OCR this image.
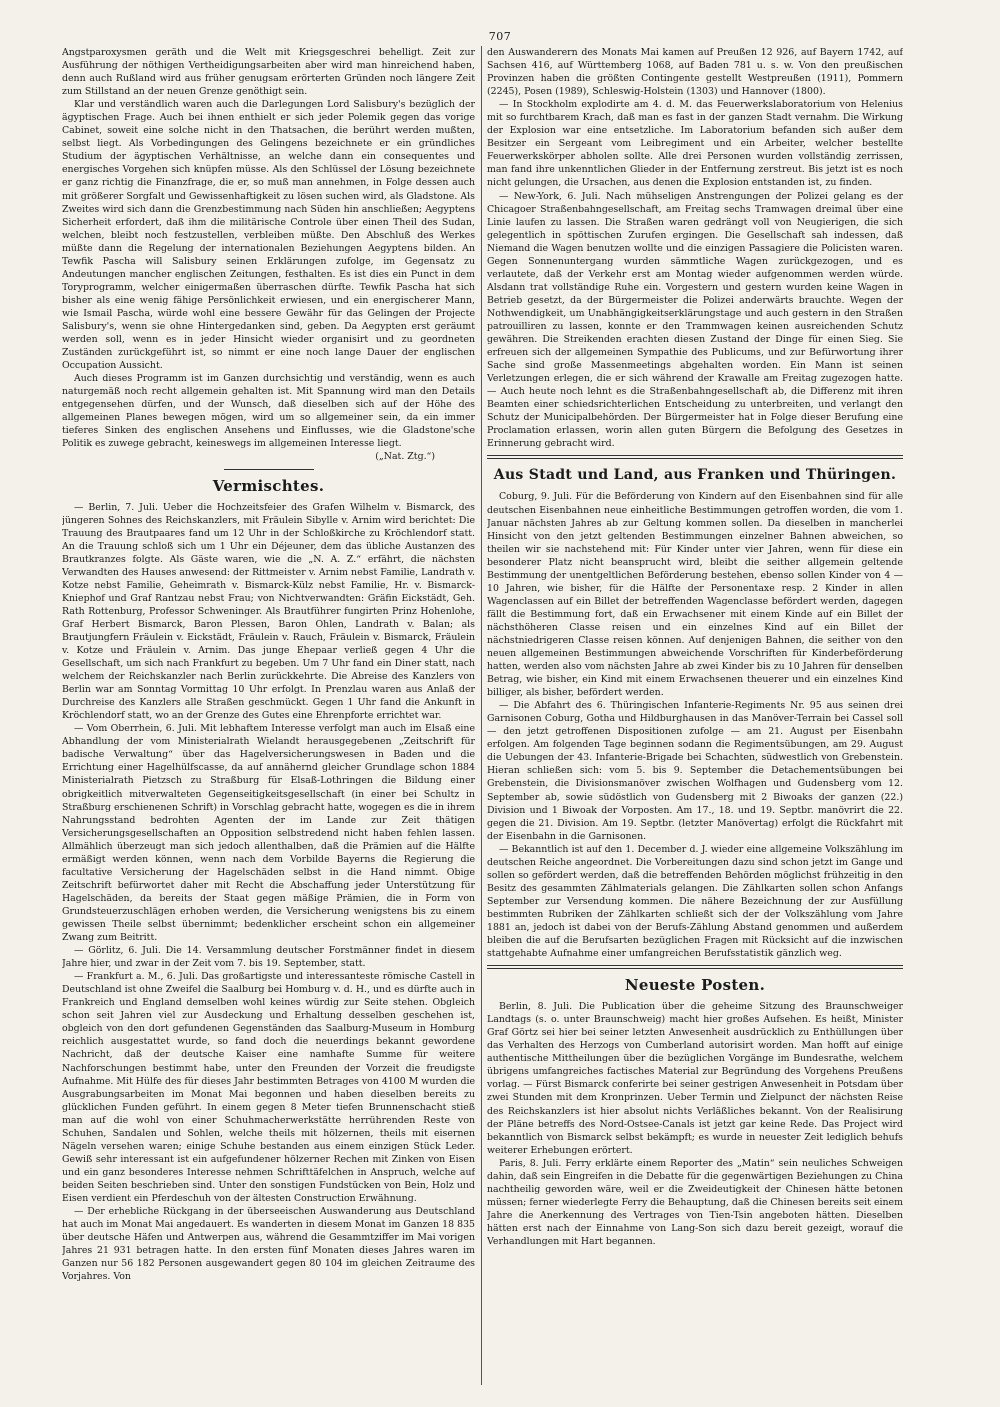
707

Angstparoxysmen geräth und die Welt mit Kriegsgeschrei behelligt. Zeit zur Ausführung der nöthigen Vertheidigungsarbeiten aber wird man hinreichend haben, denn auch Rußland wird aus früher genugsam erörterten Gründen noch längere Zeit zum Stillstand an der neuen Grenze genöthigt sein.

Klar und verständlich waren auch die Darlegungen Lord Salisbury's bezüglich der ägyptischen Frage. Auch bei ihnen enthielt er sich jeder Polemik gegen das vorige Cabinet, soweit eine solche nicht in den Thatsachen, die berührt werden mußten, selbst liegt. Als Vorbedingungen des Gelingens bezeichnete er ein gründliches Studium der ägyptischen Verhältnisse, an welche dann ein consequentes und energisches Vorgehen sich knüpfen müsse. Als den Schlüssel der Lösung bezeichnete er ganz richtig die Finanzfrage, die er, so muß man annehmen, in Folge dessen auch mit größerer Sorgfalt und Gewissenhaftigkeit zu lösen suchen wird, als Gladstone. Als Zweites wird sich dann die Grenzbestimmung nach Süden hin anschließen; Aegyptens Sicherheit erfordert, daß ihm die militärische Controle über einen Theil des Sudan, welchen, bleibt noch festzustellen, verbleiben müßte. Den Abschluß des Werkes müßte dann die Regelung der internationalen Beziehungen Aegyptens bilden. An Tewfik Pascha will Salisbury seinen Erklärungen zufolge, im Gegensatz zu Andeutungen mancher englischen Zeitungen, festhalten. Es ist dies ein Punct in dem Toryprogramm, welcher einigermaßen überraschen dürfte. Tewfik Pascha hat sich bisher als eine wenig fähige Persönlichkeit erwiesen, und ein energischerer Mann, wie Ismail Pascha, würde wohl eine bessere Gewähr für das Gelingen der Projecte Salisbury's, wenn sie ohne Hintergedanken sind, geben. Da Aegypten erst geräumt werden soll, wenn es in jeder Hinsicht wieder organisirt und zu geordneten Zuständen zurückgeführt ist, so nimmt er eine noch lange Dauer der englischen Occupation Aussicht.

Auch dieses Programm ist im Ganzen durchsichtig und verständig, wenn es auch naturgemäß noch recht allgemein gehalten ist. Mit Spannung wird man den Details entgegensehen dürfen, und der Wunsch, daß dieselben sich auf der Höhe des allgemeinen Planes bewegen mögen, wird um so allgemeiner sein, da ein immer tieferes Sinken des englischen Ansehens und Einflusses, wie die Gladstone'sche Politik es zuwege gebracht, keineswegs im allgemeinen Interesse liegt.

(„Nat. Ztg.“)

Vermischtes.

— Berlin, 7. Juli. Ueber die Hochzeitsfeier des Grafen Wilhelm v. Bismarck, des jüngeren Sohnes des Reichskanzlers, mit Fräulein Sibylle v. Arnim wird berichtet: Die Trauung des Brautpaares fand um 12 Uhr in der Schloßkirche zu Kröchlendorf statt. An die Trauung schloß sich um 1 Uhr ein Déjeuner, dem das übliche Austanzen des Brautkranzes folgte. Als Gäste waren, wie die „N. A. Z.“ erfährt, die nächsten Verwandten des Hauses anwesend: der Rittmeister v. Arnim nebst Familie, Landrath v. Kotze nebst Familie, Geheimrath v. Bismarck-Külz nebst Familie, Hr. v. Bismarck-Kniephof und Graf Rantzau nebst Frau; von Nichtverwandten: Gräfin Eickstädt, Geh. Rath Rottenburg, Professor Schweninger. Als Brautführer fungirten Prinz Hohenlohe, Graf Herbert Bismarck, Baron Plessen, Baron Ohlen, Landrath v. Balan; als Brautjungfern Fräulein v. Eickstädt, Fräulein v. Rauch, Fräulein v. Bismarck, Fräulein v. Kotze und Fräulein v. Arnim. Das junge Ehepaar verließ gegen 4 Uhr die Gesellschaft, um sich nach Frankfurt zu begeben. Um 7 Uhr fand ein Diner statt, nach welchem der Reichskanzler nach Berlin zurückkehrte. Die Abreise des Kanzlers von Berlin war am Sonntag Vormittag 10 Uhr erfolgt. In Prenzlau waren aus Anlaß der Durchreise des Kanzlers alle Straßen geschmückt. Gegen 1 Uhr fand die Ankunft in Kröchlendorf statt, wo an der Grenze des Gutes eine Ehrenpforte errichtet war.

— Vom Oberrhein, 6. Juli. Mit lebhaftem Interesse verfolgt man auch im Elsaß eine Abhandlung der vom Ministerialrath Wielandt herausgegebenen „Zeitschrift für badische Verwaltung“ über das Hagelversicherungswesen in Baden und die Errichtung einer Hagelhülfscasse, da auf annähernd gleicher Grundlage schon 1884 Ministerialrath Pietzsch zu Straßburg für Elsaß-Lothringen die Bildung einer obrigkeitlich mitverwalteten Gegenseitigkeitsgesellschaft (in einer bei Schultz in Straßburg erschienenen Schrift) in Vorschlag gebracht hatte, wogegen es die in ihrem Nahrungsstand bedrohten Agenten der im Lande zur Zeit thätigen Versicherungsgesellschaften an Opposition selbstredend nicht haben fehlen lassen. Allmählich überzeugt man sich jedoch allenthalben, daß die Prämien auf die Hälfte ermäßigt werden können, wenn nach dem Vorbilde Bayerns die Regierung die facultative Versicherung der Hagelschäden selbst in die Hand nimmt. Obige Zeitschrift befürwortet daher mit Recht die Abschaffung jeder Unterstützung für Hagelschäden, da bereits der Staat gegen mäßige Prämien, die in Form von Grundsteuerzuschlägen erhoben werden, die Versicherung wenigstens bis zu einem gewissen Theile selbst übernimmt; bedenklicher erscheint schon ein allgemeiner Zwang zum Beitritt.

— Görlitz, 6. Juli. Die 14. Versammlung deutscher Forstmänner findet in diesem Jahre hier, und zwar in der Zeit vom 7. bis 19. September, statt.

— Frankfurt a. M., 6. Juli. Das großartigste und interessanteste römische Castell in Deutschland ist ohne Zweifel die Saalburg bei Homburg v. d. H., und es dürfte auch in Frankreich und England demselben wohl keines würdig zur Seite stehen. Obgleich schon seit Jahren viel zur Ausdeckung und Erhaltung desselben geschehen ist, obgleich von den dort gefundenen Gegenständen das Saalburg-Museum in Homburg reichlich ausgestattet wurde, so fand doch die neuerdings bekannt gewordene Nachricht, daß der deutsche Kaiser eine namhafte Summe für weitere Nachforschungen bestimmt habe, unter den Freunden der Vorzeit die freudigste Aufnahme. Mit Hülfe des für dieses Jahr bestimmten Betrages von 4100 M wurden die Ausgrabungsarbeiten im Monat Mai begonnen und haben dieselben bereits zu glücklichen Funden geführt. In einem gegen 8 Meter tiefen Brunnenschacht stieß man auf die wohl von einer Schuhmacherwerkstätte herrührenden Reste von Schuhen, Sandalen und Sohlen, welche theils mit hölzernen, theils mit eisernen Nägeln versehen waren; einige Schuhe bestanden aus einem einzigen Stück Leder. Gewiß sehr interessant ist ein aufgefundener hölzerner Rechen mit Zinken von Eisen und ein ganz besonderes Interesse nehmen Schrifttäfelchen in Anspruch, welche auf beiden Seiten beschrieben sind. Unter den sonstigen Fundstücken von Bein, Holz und Eisen verdient ein Pferdeschuh von der ältesten Construction Erwähnung.

— Der erhebliche Rückgang in der überseeischen Auswanderung aus Deutschland hat auch im Monat Mai angedauert. Es wanderten in diesem Monat im Ganzen 18 835 über deutsche Häfen und Antwerpen aus, während die Gesammtziffer im Mai vorigen Jahres 21 931 betragen hatte. In den ersten fünf Monaten dieses Jahres waren im Ganzen nur 56 182 Personen ausgewandert gegen 80 104 im gleichen Zeitraume des Vorjahres. Von

den Auswanderern des Monats Mai kamen auf Preußen 12 926, auf Bayern 1742, auf Sachsen 416, auf Württemberg 1068, auf Baden 781 u. s. w. Von den preußischen Provinzen haben die größten Contingente gestellt Westpreußen (1911), Pommern (2245), Posen (1989), Schleswig-Holstein (1303) und Hannover (1800).

— In Stockholm explodirte am 4. d. M. das Feuerwerkslaboratorium von Helenius mit so furchtbarem Krach, daß man es fast in der ganzen Stadt vernahm. Die Wirkung der Explosion war eine entsetzliche. Im Laboratorium befanden sich außer dem Besitzer ein Sergeant vom Leibregiment und ein Arbeiter, welcher bestellte Feuerwerkskörper abholen sollte. Alle drei Personen wurden vollständig zerrissen, man fand ihre unkenntlichen Glieder in der Entfernung zerstreut. Bis jetzt ist es noch nicht gelungen, die Ursachen, aus denen die Explosion entstanden ist, zu finden.

— New-York, 6. Juli. Nach mühseligen Anstrengungen der Polizei gelang es der Chicagoer Straßenbahngesellschaft, am Freitag sechs Tramwagen dreimal über eine Linie laufen zu lassen. Die Straßen waren gedrängt voll von Neugierigen, die sich gelegentlich in spöttischen Zurufen ergingen. Die Gesellschaft sah indessen, daß Niemand die Wagen benutzen wollte und die einzigen Passagiere die Policisten waren. Gegen Sonnenuntergang wurden sämmtliche Wagen zurückgezogen, und es verlautete, daß der Verkehr erst am Montag wieder aufgenommen werden würde. Alsdann trat vollständige Ruhe ein. Vorgestern und gestern wurden keine Wagen in Betrieb gesetzt, da der Bürgermeister die Polizei anderwärts brauchte. Wegen der Nothwendigkeit, um Unabhängigkeitserklärungstage und auch gestern in den Straßen patrouilliren zu lassen, konnte er den Trammwagen keinen ausreichenden Schutz gewähren. Die Streikenden erachten diesen Zustand der Dinge für einen Sieg. Sie erfreuen sich der allgemeinen Sympathie des Publicums, und zur Befürwortung ihrer Sache sind große Massenmeetings abgehalten worden. Ein Mann ist seinen Verletzungen erlegen, die er sich während der Krawalle am Freitag zugezogen hatte. — Auch heute noch lehnt es die Straßenbahngesellschaft ab, die Differenz mit ihren Beamten einer schiedsrichterlichen Entscheidung zu unterbreiten, und verlangt den Schutz der Municipalbehörden. Der Bürgermeister hat in Folge dieser Berufung eine Proclamation erlassen, worin allen guten Bürgern die Befolgung des Gesetzes in Erinnerung gebracht wird.

Aus Stadt und Land, aus Franken und Thüringen.

Coburg, 9. Juli. Für die Beförderung von Kindern auf den Eisenbahnen sind für alle deutschen Eisenbahnen neue einheitliche Bestimmungen getroffen worden, die vom 1. Januar nächsten Jahres ab zur Geltung kommen sollen. Da dieselben in mancherlei Hinsicht von den jetzt geltenden Bestimmungen einzelner Bahnen abweichen, so theilen wir sie nachstehend mit: Für Kinder unter vier Jahren, wenn für diese ein besonderer Platz nicht beansprucht wird, bleibt die seither allgemein geltende Bestimmung der unentgeltlichen Beförderung bestehen, ebenso sollen Kinder von 4 — 10 Jahren, wie bisher, für die Hälfte der Personentaxe resp. 2 Kinder in allen Wagenclassen auf ein Billet der betreffenden Wagenclasse befördert werden, dagegen fällt die Bestimmung fort, daß ein Erwachsener mit einem Kinde auf ein Billet der nächsthöheren Classe reisen und ein einzelnes Kind auf ein Billet der nächstniedrigeren Classe reisen können. Auf denjenigen Bahnen, die seither von den neuen allgemeinen Bestimmungen abweichende Vorschriften für Kinderbeförderung hatten, werden also vom nächsten Jahre ab zwei Kinder bis zu 10 Jahren für denselben Betrag, wie bisher, ein Kind mit einem Erwachsenen theuerer und ein einzelnes Kind billiger, als bisher, befördert werden.

— Die Abfahrt des 6. Thüringischen Infanterie-Regiments Nr. 95 aus seinen drei Garnisonen Coburg, Gotha und Hildburghausen in das Manöver-Terrain bei Cassel soll — den jetzt getroffenen Dispositionen zufolge — am 21. August per Eisenbahn erfolgen. Am folgenden Tage beginnen sodann die Regimentsübungen, am 29. August die Uebungen der 43. Infanterie-Brigade bei Schachten, südwestlich von Grebenstein. Hieran schließen sich: vom 5. bis 9. September die Detachementsübungen bei Grebenstein, die Divisionsmanöver zwischen Wolfhagen und Gudensberg vom 12. September ab, sowie südöstlich von Gudensberg mit 2 Biwoaks der ganzen (22.) Division und 1 Biwoak der Vorposten. Am 17., 18. und 19. Septbr. manövrirt die 22. gegen die 21. Division. Am 19. Septbr. (letzter Manövertag) erfolgt die Rückfahrt mit der Eisenbahn in die Garnisonen.

— Bekanntlich ist auf den 1. December d. J. wieder eine allgemeine Volkszählung im deutschen Reiche angeordnet. Die Vorbereitungen dazu sind schon jetzt im Gange und sollen so gefördert werden, daß die betreffenden Behörden möglichst frühzeitig in den Besitz des gesammten Zählmaterials gelangen. Die Zählkarten sollen schon Anfangs September zur Versendung kommen. Die nähere Bezeichnung der zur Ausfüllung bestimmten Rubriken der Zählkarten schließt sich der der Volkszählung vom Jahre 1881 an, jedoch ist dabei von der Berufs-Zählung Abstand genommen und außerdem bleiben die auf die Berufsarten bezüglichen Fragen mit Rücksicht auf die inzwischen stattgehabte Aufnahme einer umfangreichen Berufsstatistik gänzlich weg.

Neueste Posten.

Berlin, 8. Juli. Die Publication über die geheime Sitzung des Braunschweiger Landtags (s. o. unter Braunschweig) macht hier großes Aufsehen. Es heißt, Minister Graf Görtz sei hier bei seiner letzten Anwesenheit ausdrücklich zu Enthüllungen über das Verhalten des Herzogs von Cumberland autorisirt worden. Man hofft auf einige authentische Mittheilungen über die bezüglichen Vorgänge im Bundesrathe, welchem übrigens umfangreiches factisches Material zur Begründung des Vorgehens Preußens vorlag. — Fürst Bismarck conferirte bei seiner gestrigen Anwesenheit in Potsdam über zwei Stunden mit dem Kronprinzen. Ueber Termin und Zielpunct der nächsten Reise des Reichskanzlers ist hier absolut nichts Verläßliches bekannt. Von der Realisirung der Pläne betreffs des Nord-Ostsee-Canals ist jetzt gar keine Rede. Das Project wird bekanntlich von Bismarck selbst bekämpft; es wurde in neuester Zeit lediglich behufs weiterer Erhebungen erörtert.

Paris, 8. Juli. Ferry erklärte einem Reporter des „Matin“ sein neuliches Schweigen dahin, daß sein Eingreifen in die Debatte für die gegenwärtigen Beziehungen zu China nachtheilig geworden wäre, weil er die Zweideutigkeit der Chinesen hätte betonen müssen; ferner wiederlegte Ferry die Behauptung, daß die Chinesen bereits seit einem Jahre die Anerkennung des Vertrages von Tien-Tsin angeboten hätten. Dieselben hätten erst nach der Einnahme von Lang-Son sich dazu bereit gezeigt, worauf die Verhandlungen mit Hart begannen.
